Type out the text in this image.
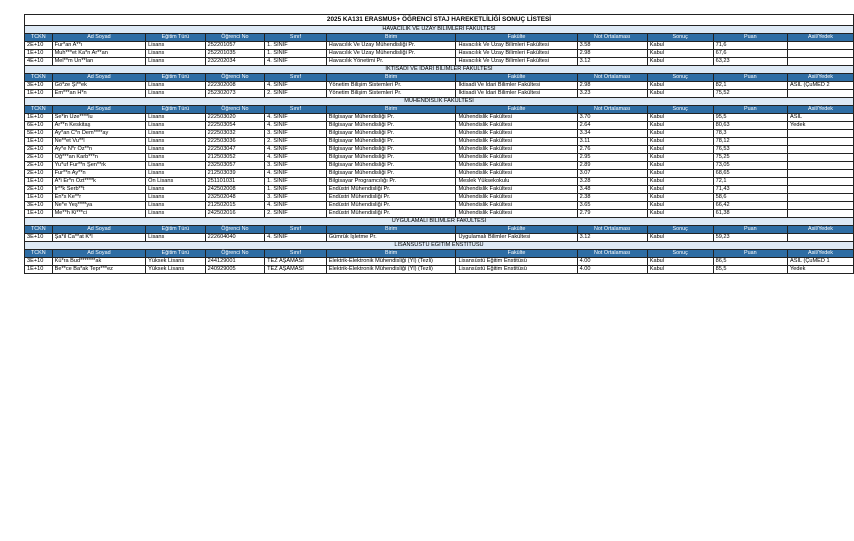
2025 KA131 ERASMUS+ ÖĞRENCİ STAJ HAREKETLİLİĞİ SONUÇ LİSTESİ										
HAVACILIK VE UZAY BİLİMLERİ FAKÜLTESİ										
TCKN	Ad Soyad	Eğitim Türü	Öğrenci No	Sınıf	Birim	Fakülte	Not Ortalaması	Sonuç	Puan	Asil/Yedek
2E+10	Fur*an A**ı	Lisans	252201057	1. SINIF	Havacılık Ve Uzay Mühendisliği Pr.	Havacılık Ve Uzay Bilimleri Fakültesi	3.58	Kabul	71,6	
1E+10	Muh***et Ka*n Ar**an	Lisans	252201035	1. SINIF	Havacılık Ve Uzay Mühendisliği Pr.	Havacılık Ve Uzay Bilimleri Fakültesi	2.98	Kabul	67,6	
4E+10	Mel**m Un**lan	Lisans	232202034	4. SINIF	Havacılık Yönetimi Pr.	Havacılık Ve Uzay Bilimleri Fakültesi	3.12	Kabul	63,23	
İKTİSADİ VE İDARİ BİLİMLER FAKÜLTESİ										
TCKN	Ad Soyad	Eğitim Türü	Öğrenci No	Sınıf	Birim	Fakülte	Not Ortalaması	Sonuç	Puan	Asil/Yedek
3E+10	Gö*ze Şi**ek	Lisans	222302008	4. SINIF	Yönetim Bilişim Sistemleri Pr.	İktisadi Ve İdari Bilimler Fakültesi	2.98	Kabul	82,1	ASIL (ÇuMED 2
1E+10	Em***an H*n	Lisans	252302073	2. SINIF	Yönetim Bilişim Sistemleri Pr.	İktisadi Ve İdari Bilimler Fakültesi	3.23	Kabul	75,52	
MÜHENDİSLİK FAKÜLTESİ										
TCKN	Ad Soyad	Eğitim Türü	Öğrenci No	Sınıf	Birim	Fakülte	Not Ortalaması	Sonuç	Puan	Asil/Yedek
1E+10	Se*in Üze****lu	Lisans	222503020	4. SINIF	Bilgisayar Mühendisliği Pr.	Mühendislik Fakültesi	3.70	Kabul	95,5	ASIL
6E+10	Ar**n Keskitaş	Lisans	222503054	4. SINIF	Bilgisayar Mühendisliği Pr.	Mühendislik Fakültesi	2.64	Kabul	80,63	Yedek
5E+10	Ay*an C*n Dem****ay	Lisans	222503032	3. SINIF	Bilgisayar Mühendisliği Pr.	Mühendislik Fakültesi	3.34	Kabul	78,3	
1E+10	Ne**et Vu**l	Lisans	222503036	2. SINIF	Bilgisayar Mühendisliği Pr.	Mühendislik Fakültesi	3.11	Kabul	78,12	
2E+10	Ay*e N*r Öz**n	Lisans	222503047	4. SINIF	Bilgisayar Mühendisliği Pr.	Mühendislik Fakültesi	2.76	Kabul	76,53	
2E+10	Oğ***an Karb***n	Lisans	212503052	4. SINIF	Bilgisayar Mühendisliği Pr.	Mühendislik Fakültesi	2.95	Kabul	75,25	
2E+10	Yu*uf Fur**n Şen**rk	Lisans	232503057	3. SINIF	Bilgisayar Mühendisliği Pr.	Mühendislik Fakültesi	2.89	Kabul	73,05	
2E+10	Fur**n Ay**n	Lisans	212503039	4. SINIF	Bilgisayar Mühendisliği Pr.	Mühendislik Fakültesi	3.07	Kabul	68,65	
1E+10	A*i Er*n Özt****k	Ön Lisans	251101031	1. SINIF	Bilgisayar Programcılığı Pr.	Meslek Yüksekokulu	3.28	Kabul	72,1	
2E+10	Ir**k Serb**t	Lisans	242502008	1. SINIF	Endüstri Mühendisliği Pr.	Mühendislik Fakültesi	3.48	Kabul	71,43	
1E+10	En*s Ke**r	Lisans	232502048	3. SINIF	Endüstri Mühendisliği Pr.	Mühendislik Fakültesi	2.38	Kabul	58,6	
3E+10	Ne*e Yeş****ya	Lisans	212502015	4. SINIF	Endüstri Mühendisliği Pr.	Mühendislik Fakültesi	3.65	Kabul	66,42	
1E+10	Me**h Ki***ci	Lisans	242502016	2. SINIF	Endüstri Mühendisliği Pr.	Mühendislik Fakültesi	2.79	Kabul	61,38	
UYGULAMALI BİLİMLER FAKÜLTESİ										
TCKN	Ad Soyad	Eğitim Türü	Öğrenci No	Sınıf	Birim	Fakülte	Not Ortalaması	Sonuç	Puan	Asil/Yedek
3E+10	Şa*il Ca**at K*l	Lisans	222604040	4. SINIF	Gümrük İşletme Pr.	Uygulamalı Bilimler Fakültesi	3.12	Kabul	59,23	
LİSANSÜSTÜ EĞİTİM ENSTİTÜSÜ										
TCKN	Ad Soyad	Eğitim Türü	Öğrenci No	Sınıf	Birim	Fakülte	Not Ortalaması	Sonuç	Puan	Asil/Yedek
3E+10	Kü*ra Bud*******ak	Yüksek Lisans	244129001	TEZ AŞAMASI	Elektrik-Elektronik Mühendisliği (Yl) (Tezli)	Lisansüstü Eğitim Enstitüsü	4.00	Kabul	86,5	ASIL (ÇuMED 1
1E+10	Be**ce Ba*ak Tepr***ez	Yüksek Lisans	240929005	TEZ AŞAMASI	Elektrik-Elektronik Mühendisliği (Yl) (Tezli)	Lisansüstü Eğitim Enstitüsü	4.00	Kabul	85,5	Yedek
